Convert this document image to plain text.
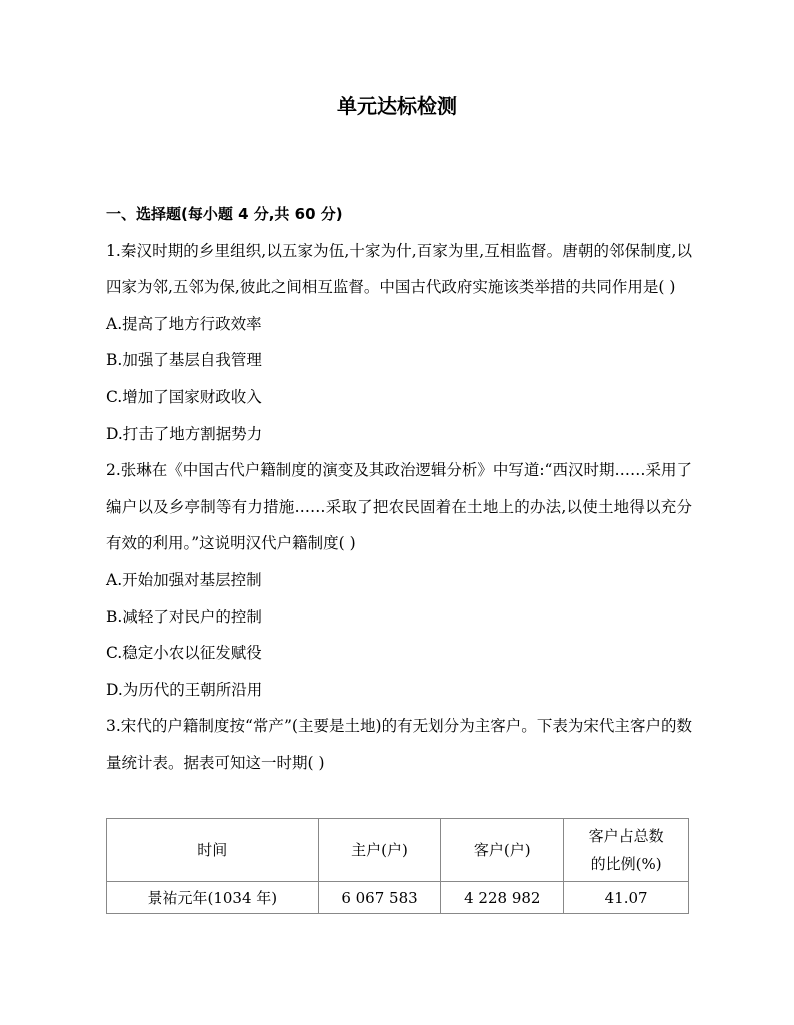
单元达标检测
一、选择题(每小题 4 分,共 60 分)
1.秦汉时期的乡里组织,以五家为伍,十家为什,百家为里,互相监督。唐朝的邻保制度,以四家为邻,五邻为保,彼此之间相互监督。中国古代政府实施该类举措的共同作用是( )
A.提高了地方行政效率
B.加强了基层自我管理
C.增加了国家财政收入
D.打击了地方割据势力
2.张琳在《中国古代户籍制度的演变及其政治逻辑分析》中写道:“西汉时期……采用了编户以及乡亭制等有力措施……采取了把农民固着在土地上的办法,以使土地得以充分有效的利用。”这说明汉代户籍制度( )
A.开始加强对基层控制
B.减轻了对民户的控制
C.稳定小农以征发赋役
D.为历代的王朝所沿用
3.宋代的户籍制度按“常产”(主要是土地)的有无划分为主客户。下表为宋代主客户的数量统计表。据表可知这一时期( )
时间	主户(户)	客户(户)	客户占总数
的比例(%)

景祐元年(1034 年)	6 067 583	4 228 982	41.07
